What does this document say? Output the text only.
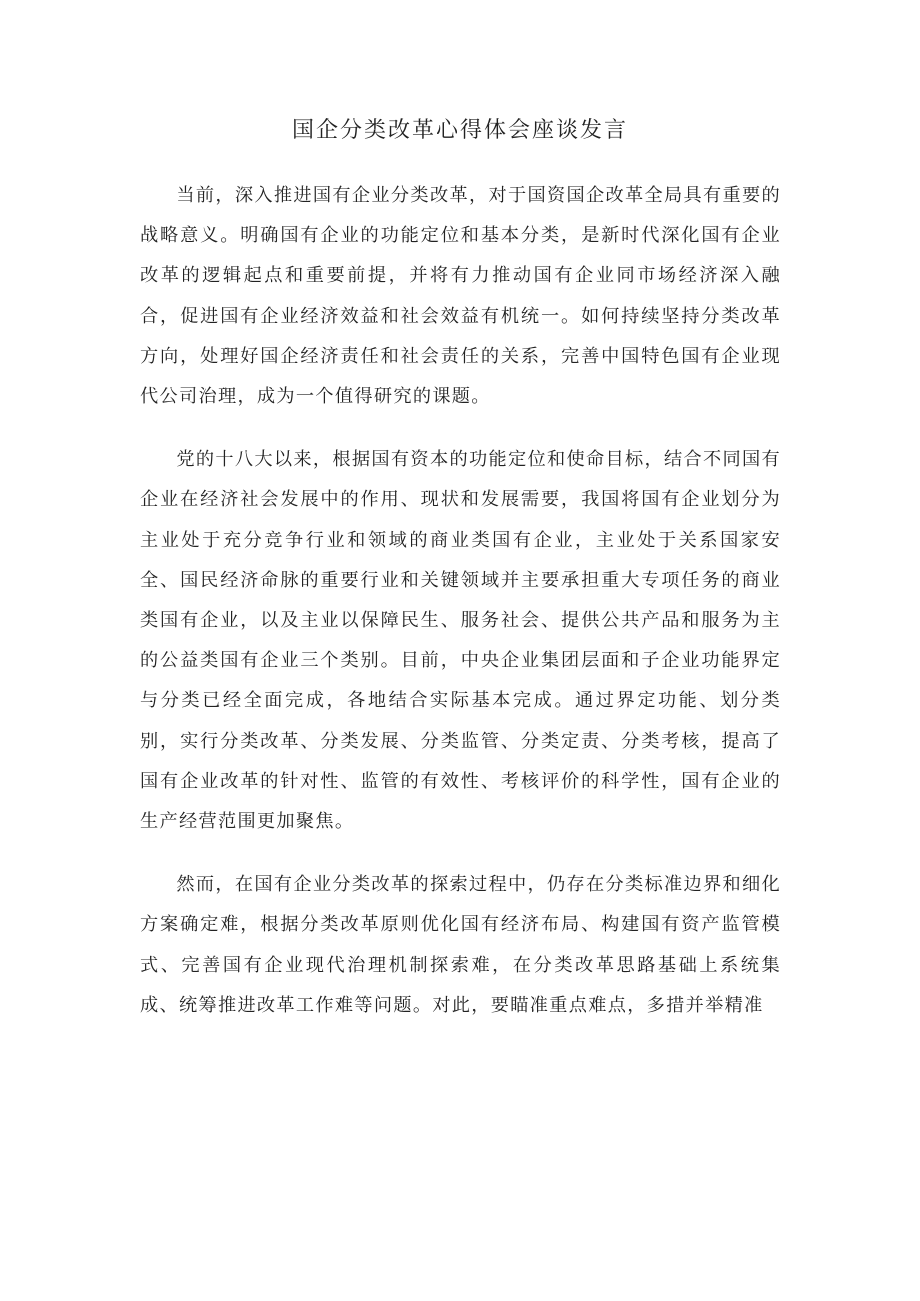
国企分类改革心得体会座谈发言

当前，深入推进国有企业分类改革，对于国资国企改革全局具有重要的战略意义。明确国有企业的功能定位和基本分类，是新时代深化国有企业改革的逻辑起点和重要前提，并将有力推动国有企业同市场经济深入融合，促进国有企业经济效益和社会效益有机统一。如何持续坚持分类改革方向，处理好国企经济责任和社会责任的关系，完善中国特色国有企业现代公司治理，成为一个值得研究的课题。

党的十八大以来，根据国有资本的功能定位和使命目标，结合不同国有企业在经济社会发展中的作用、现状和发展需要，我国将国有企业划分为主业处于充分竞争行业和领域的商业类国有企业，主业处于关系国家安全、国民经济命脉的重要行业和关键领域并主要承担重大专项任务的商业类国有企业，以及主业以保障民生、服务社会、提供公共产品和服务为主的公益类国有企业三个类别。目前，中央企业集团层面和子企业功能界定与分类已经全面完成，各地结合实际基本完成。通过界定功能、划分类别，实行分类改革、分类发展、分类监管、分类定责、分类考核，提高了国有企业改革的针对性、监管的有效性、考核评价的科学性，国有企业的生产经营范围更加聚焦。

然而，在国有企业分类改革的探索过程中，仍存在分类标准边界和细化方案确定难，根据分类改革原则优化国有经济布局、构建国有资产监管模式、完善国有企业现代治理机制探索难，在分类改革思路基础上系统集成、统筹推进改革工作难等问题。对此，要瞄准重点难点，多措并举精准
